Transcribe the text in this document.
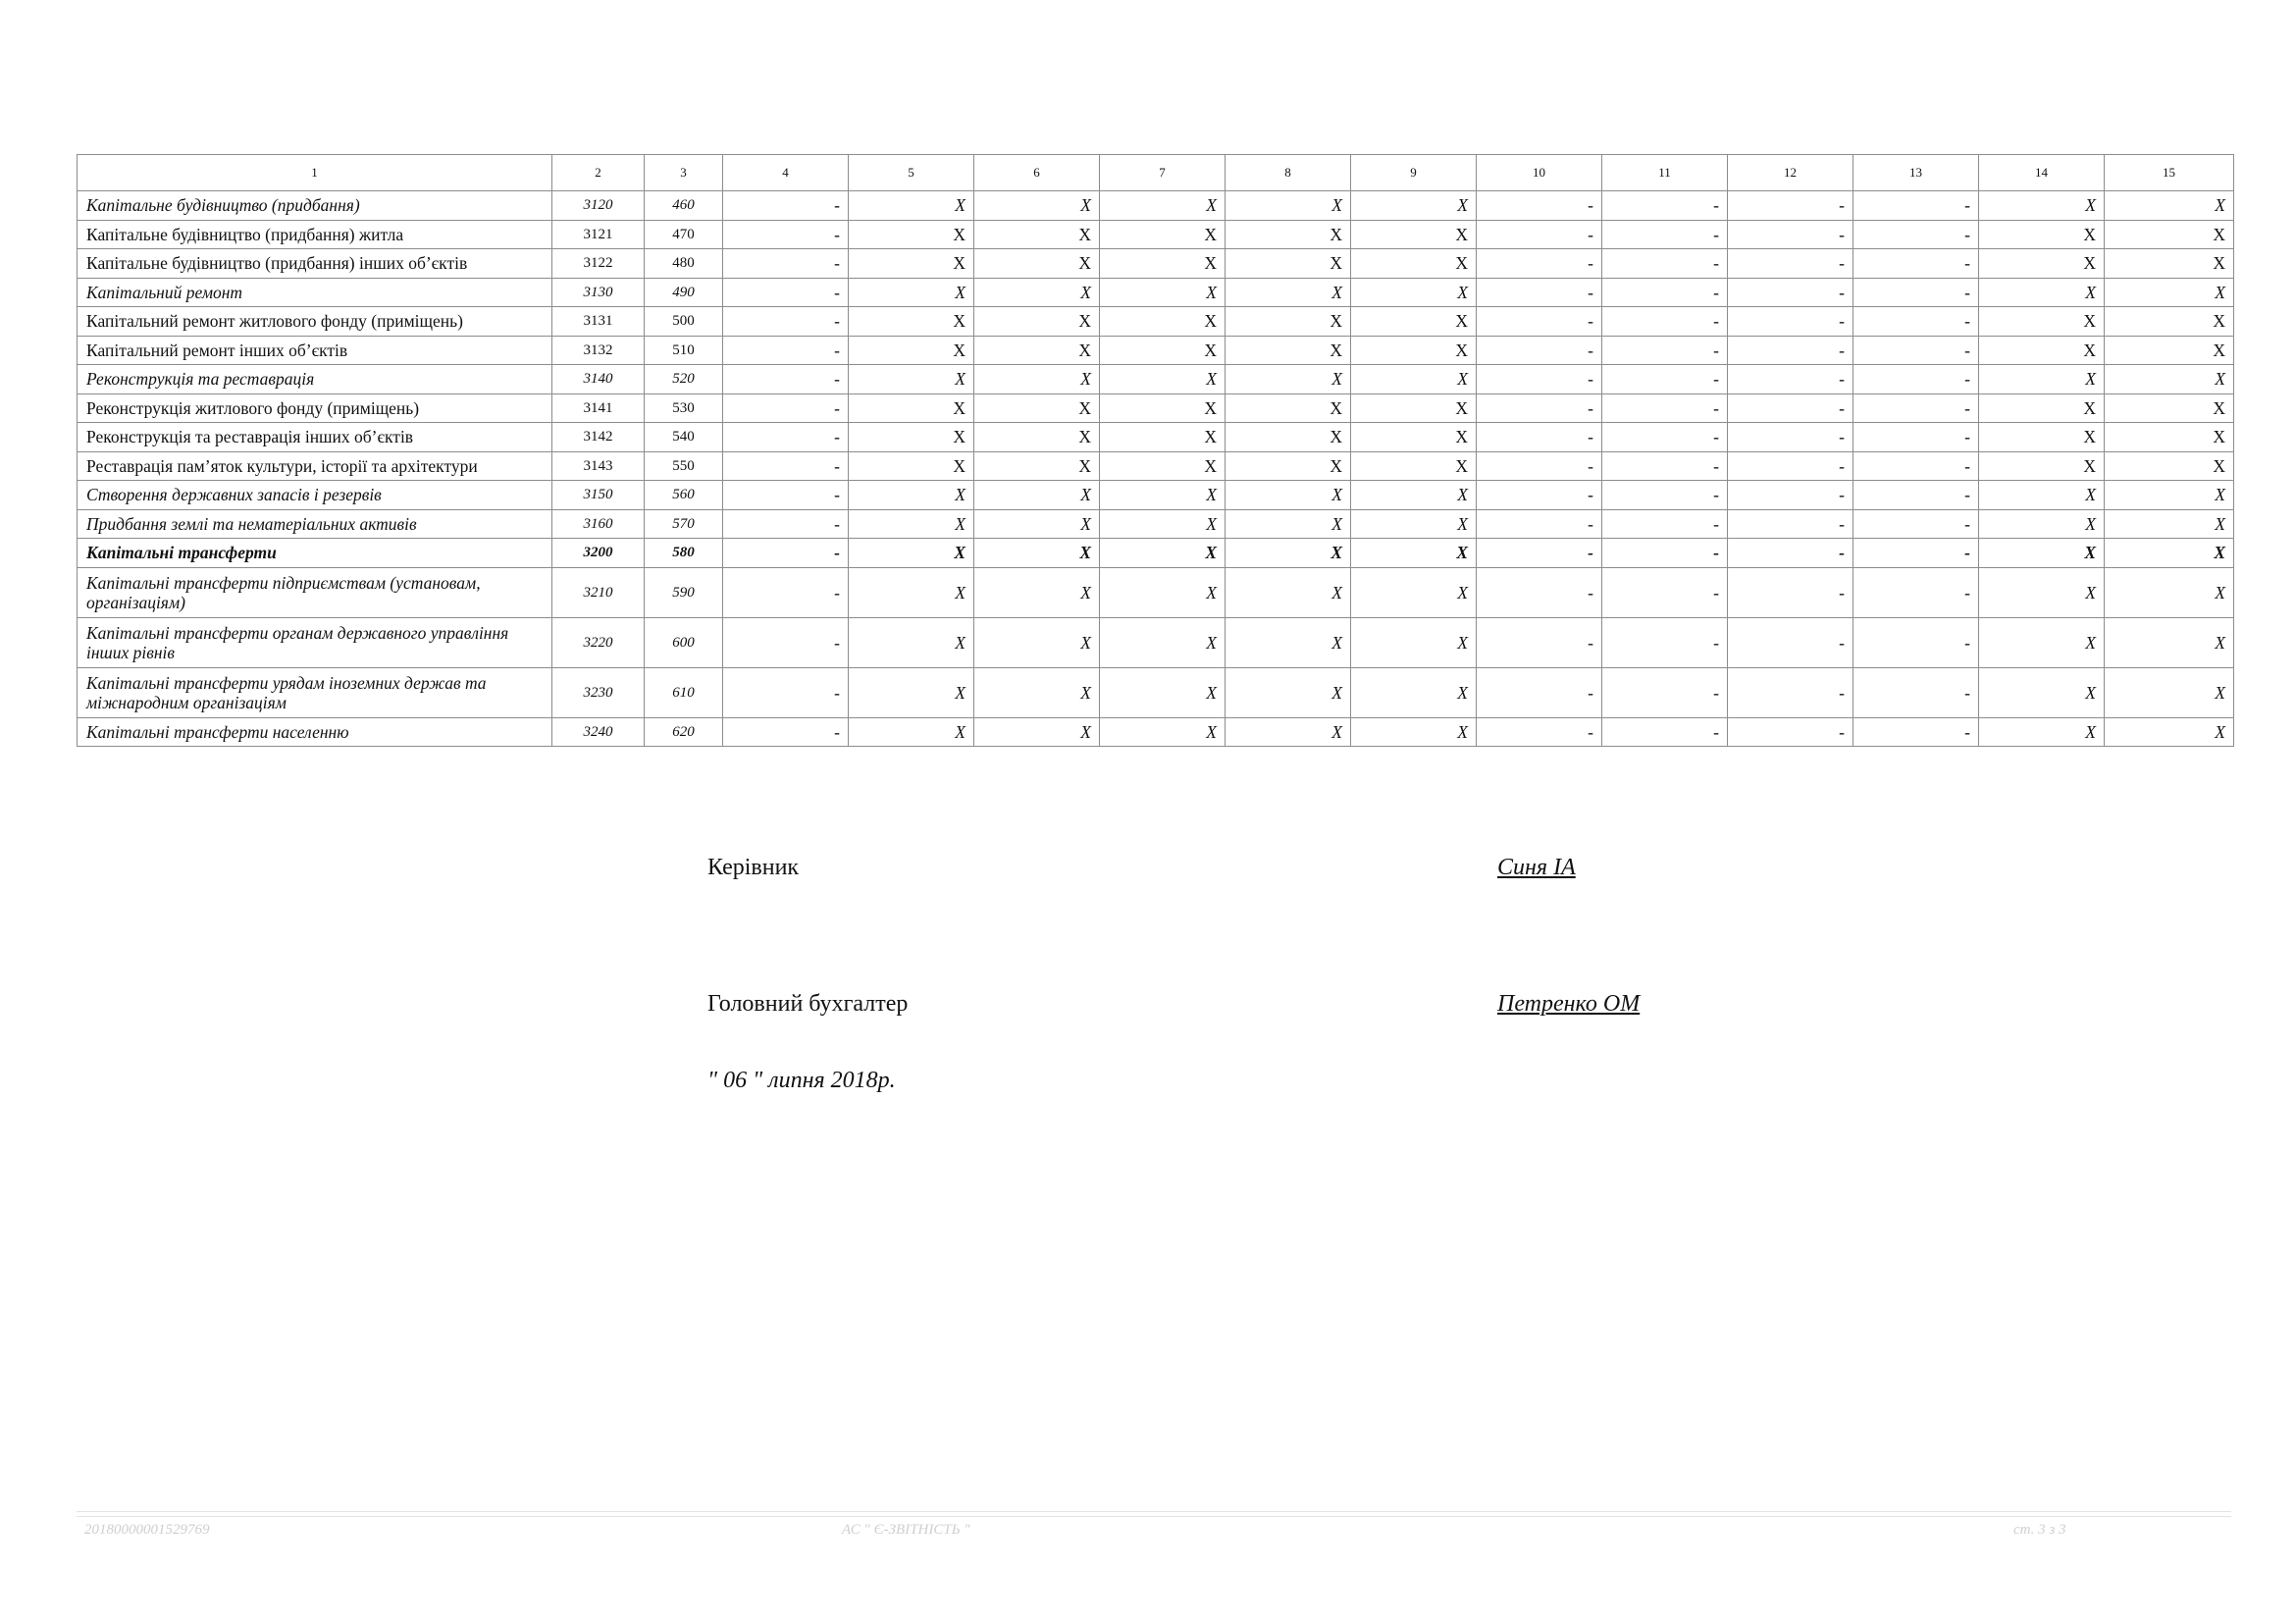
1	2	3	4	5	6	7	8	9	10	11	12	13	14	15
Капітальне будівництво (придбання)	3120	460	-	X	X	X	X	X	-	-	-	-	X	X
Капітальне будівництво (придбання) житла	3121	470	-	X	X	X	X	X	-	-	-	-	X	X
Капітальне будівництво (придбання) інших об’єктів	3122	480	-	X	X	X	X	X	-	-	-	-	X	X
Капітальний ремонт	3130	490	-	X	X	X	X	X	-	-	-	-	X	X
Капітальний ремонт житлового фонду (приміщень)	3131	500	-	X	X	X	X	X	-	-	-	-	X	X
Капітальний ремонт інших об’єктів	3132	510	-	X	X	X	X	X	-	-	-	-	X	X
Реконструкція та реставрація	3140	520	-	X	X	X	X	X	-	-	-	-	X	X
Реконструкція житлового фонду (приміщень)	3141	530	-	X	X	X	X	X	-	-	-	-	X	X
Реконструкція та реставрація інших об’єктів	3142	540	-	X	X	X	X	X	-	-	-	-	X	X
Реставрація пам’яток культури, історії та архітектури	3143	550	-	X	X	X	X	X	-	-	-	-	X	X
Створення державних запасів і резервів	3150	560	-	X	X	X	X	X	-	-	-	-	X	X
Придбання землі та нематеріальних активів	3160	570	-	X	X	X	X	X	-	-	-	-	X	X
Капітальні трансферти	3200	580	-	X	X	X	X	X	-	-	-	-	X	X
Капітальні трансферти підприємствам (установам, організаціям)	3210	590	-	X	X	X	X	X	-	-	-	-	X	X
Капітальні трансферти органам державного управління інших рівнів	3220	600	-	X	X	X	X	X	-	-	-	-	X	X
Капітальні трансферти урядам іноземних держав та міжнародним організаціям	3230	610	-	X	X	X	X	X	-	-	-	-	X	X
Капітальні трансферти населенню	3240	620	-	X	X	X	X	X	-	-	-	-	X	X
Керівник	Синя ІА
Головний бухгалтер	Петренко ОМ
" 06 " липня 2018р.
20180000001529769	АС " Є-ЗВІТНІСТЬ "	ст. 3 з 3
